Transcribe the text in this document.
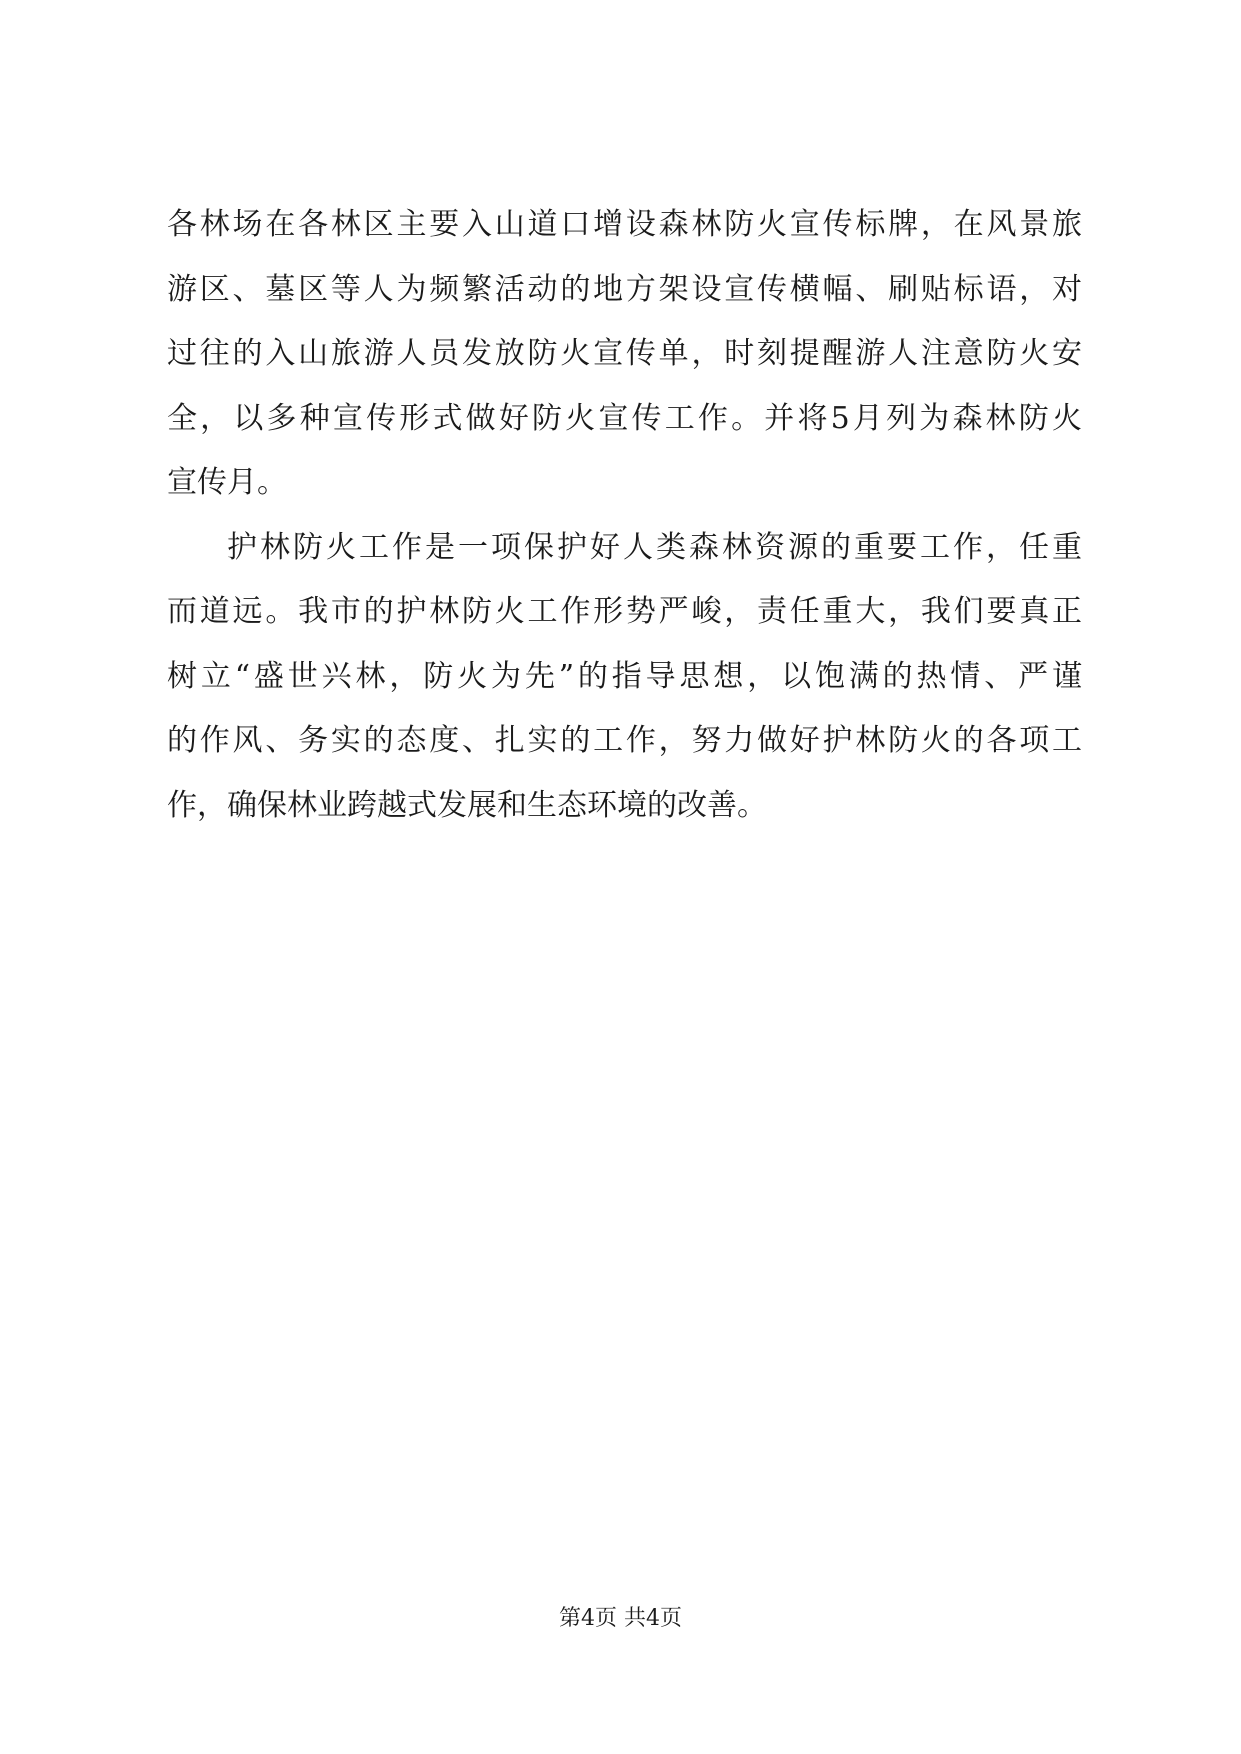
各林场在各林区主要入山道口增设森林防火宣传标牌，在风景旅
游区、墓区等人为频繁活动的地方架设宣传横幅、刷贴标语，对
过往的入山旅游人员发放防火宣传单，时刻提醒游人注意防火安
全，以多种宣传形式做好防火宣传工作。并将5月列为森林防火
宣传月。
护林防火工作是一项保护好人类森林资源的重要工作，任重
而道远。我市的护林防火工作形势严峻，责任重大，我们要真正
树立“盛世兴林，防火为先”的指导思想，以饱满的热情、严谨
的作风、务实的态度、扎实的工作，努力做好护林防火的各项工
作，确保林业跨越式发展和生态环境的改善。
第4页 共4页
